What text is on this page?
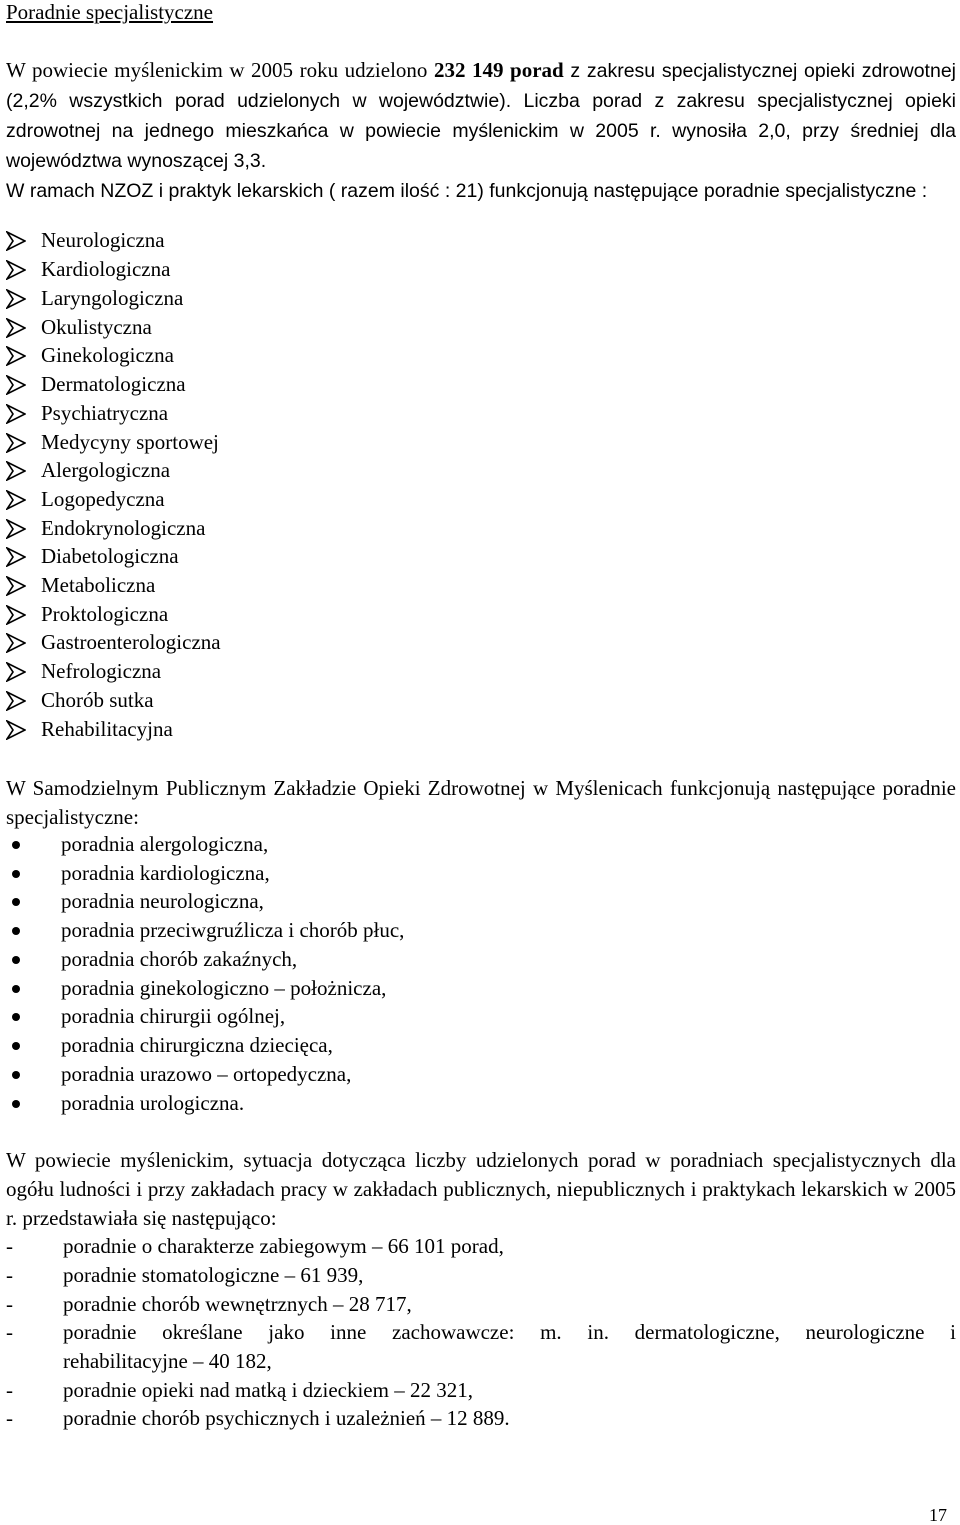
Poradnie specjalistyczne

W powiecie myślenickim w 2005 roku udzielono 232 149 porad z zakresu specjalistycznej opieki zdrowotnej (2,2% wszystkich porad udzielonych w województwie). Liczba porad z zakresu specjalistycznej opieki zdrowotnej na jednego mieszkańca w powiecie myślenickim w 2005 r. wynosiła 2,0, przy średniej dla województwa wynoszącej 3,3.
W ramach NZOZ i praktyk lekarskich ( razem ilość : 21) funkcjonują następujące poradnie specjalistyczne :

Neurologiczna
Kardiologiczna
Laryngologiczna
Okulistyczna
Ginekologiczna
Dermatologiczna
Psychiatryczna
Medycyny sportowej
Alergologiczna
Logopedyczna
Endokrynologiczna
Diabetologiczna
Metaboliczna
Proktologiczna
Gastroenterologiczna
Nefrologiczna
Chorób sutka
Rehabilitacyjna

W Samodzielnym Publicznym Zakładzie Opieki Zdrowotnej w Myślenicach funkcjonują następujące poradnie specjalistyczne:

poradnia alergologiczna,
poradnia kardiologiczna,
poradnia neurologiczna,
poradnia przeciwgruźlicza i chorób płuc,
poradnia chorób zakaźnych,
poradnia ginekologiczno – położnicza,
poradnia chirurgii ogólnej,
poradnia chirurgiczna dziecięca,
poradnia urazowo – ortopedyczna,
poradnia urologiczna.

W powiecie myślenickim, sytuacja dotycząca liczby udzielonych porad w poradniach specjalistycznych dla ogółu ludności i przy zakładach pracy w zakładach publicznych, niepublicznych i praktykach lekarskich w 2005 r. przedstawiała się następująco:

- poradnie o charakterze zabiegowym – 66 101 porad,
- poradnie stomatologiczne – 61 939,
- poradnie chorób wewnętrznych – 28 717,
- poradnie określane jako inne zachowawcze: m. in. dermatologiczne, neurologiczne i
rehabilitacyjne – 40 182,
- poradnie opieki nad matką i dzieckiem – 22 321,
- poradnie chorób psychicznych i uzależnień – 12 889.
17
